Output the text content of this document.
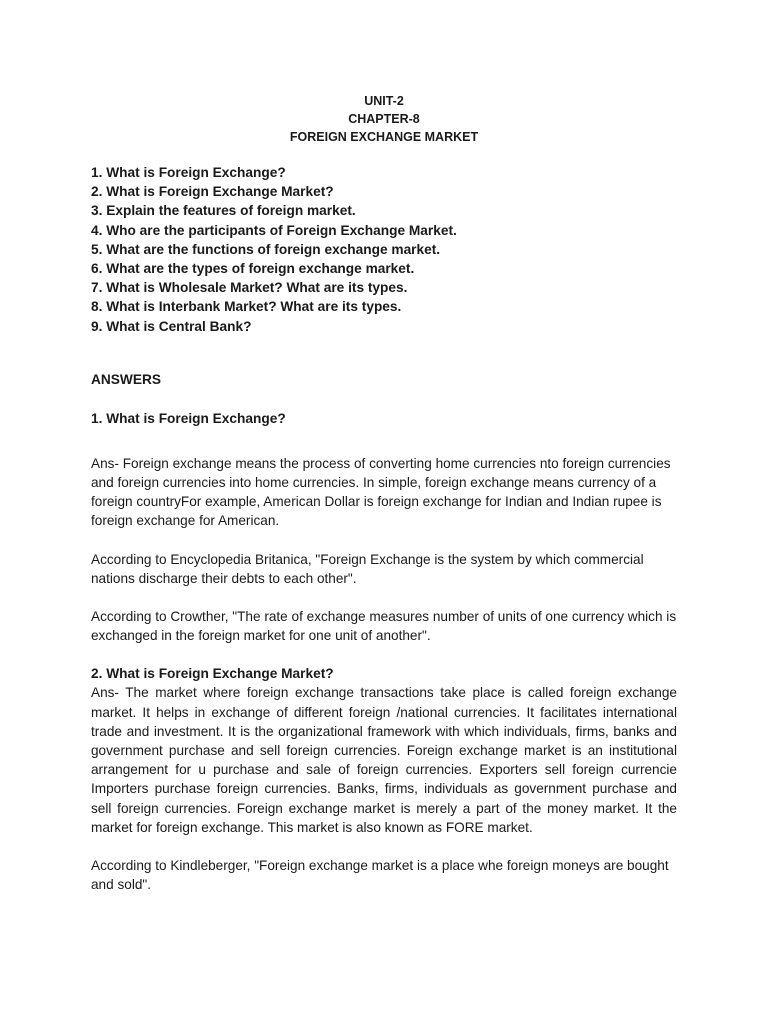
UNIT-2
CHAPTER-8
FOREIGN EXCHANGE MARKET
1. What is Foreign Exchange?
2. What is Foreign Exchange Market?
3. Explain the features of foreign market.
4. Who are the participants of Foreign Exchange Market.
5. What are the functions of foreign exchange market.
6. What are the types of foreign exchange market.
7. What is Wholesale Market? What are its types.
8. What is Interbank Market? What are its types.
9. What is Central Bank?
ANSWERS
1. What is Foreign Exchange?

Ans- Foreign exchange means the process of converting home currencies nto foreign currencies and foreign currencies into home currencies. In simple, foreign exchange means currency of a foreign countryFor example, American Dollar is foreign exchange for Indian and Indian rupee is foreign exchange for American.

According to Encyclopedia Britanica, "Foreign Exchange is the system by which commercial nations discharge their debts to each other".

According to Crowther, "The rate of exchange measures number of units of one currency which is exchanged in the foreign market for one unit of another".

2. What is Foreign Exchange Market?

Ans- The market where foreign exchange transactions take place is called foreign exchange market. It helps in exchange of different foreign /national currencies. It facilitates international trade and investment. It is the organizational framework with which individuals, firms, banks and government purchase and sell foreign currencies. Foreign exchange market is an institutional arrangement for u purchase and sale of foreign currencies. Exporters sell foreign currencie Importers purchase foreign currencies. Banks, firms, individuals as government purchase and sell foreign currencies. Foreign exchange market is merely a part of the money market. It the market for foreign exchange. This market is also known as FORE market.

According to Kindleberger, "Foreign exchange market is a place whe foreign moneys are bought and sold".
